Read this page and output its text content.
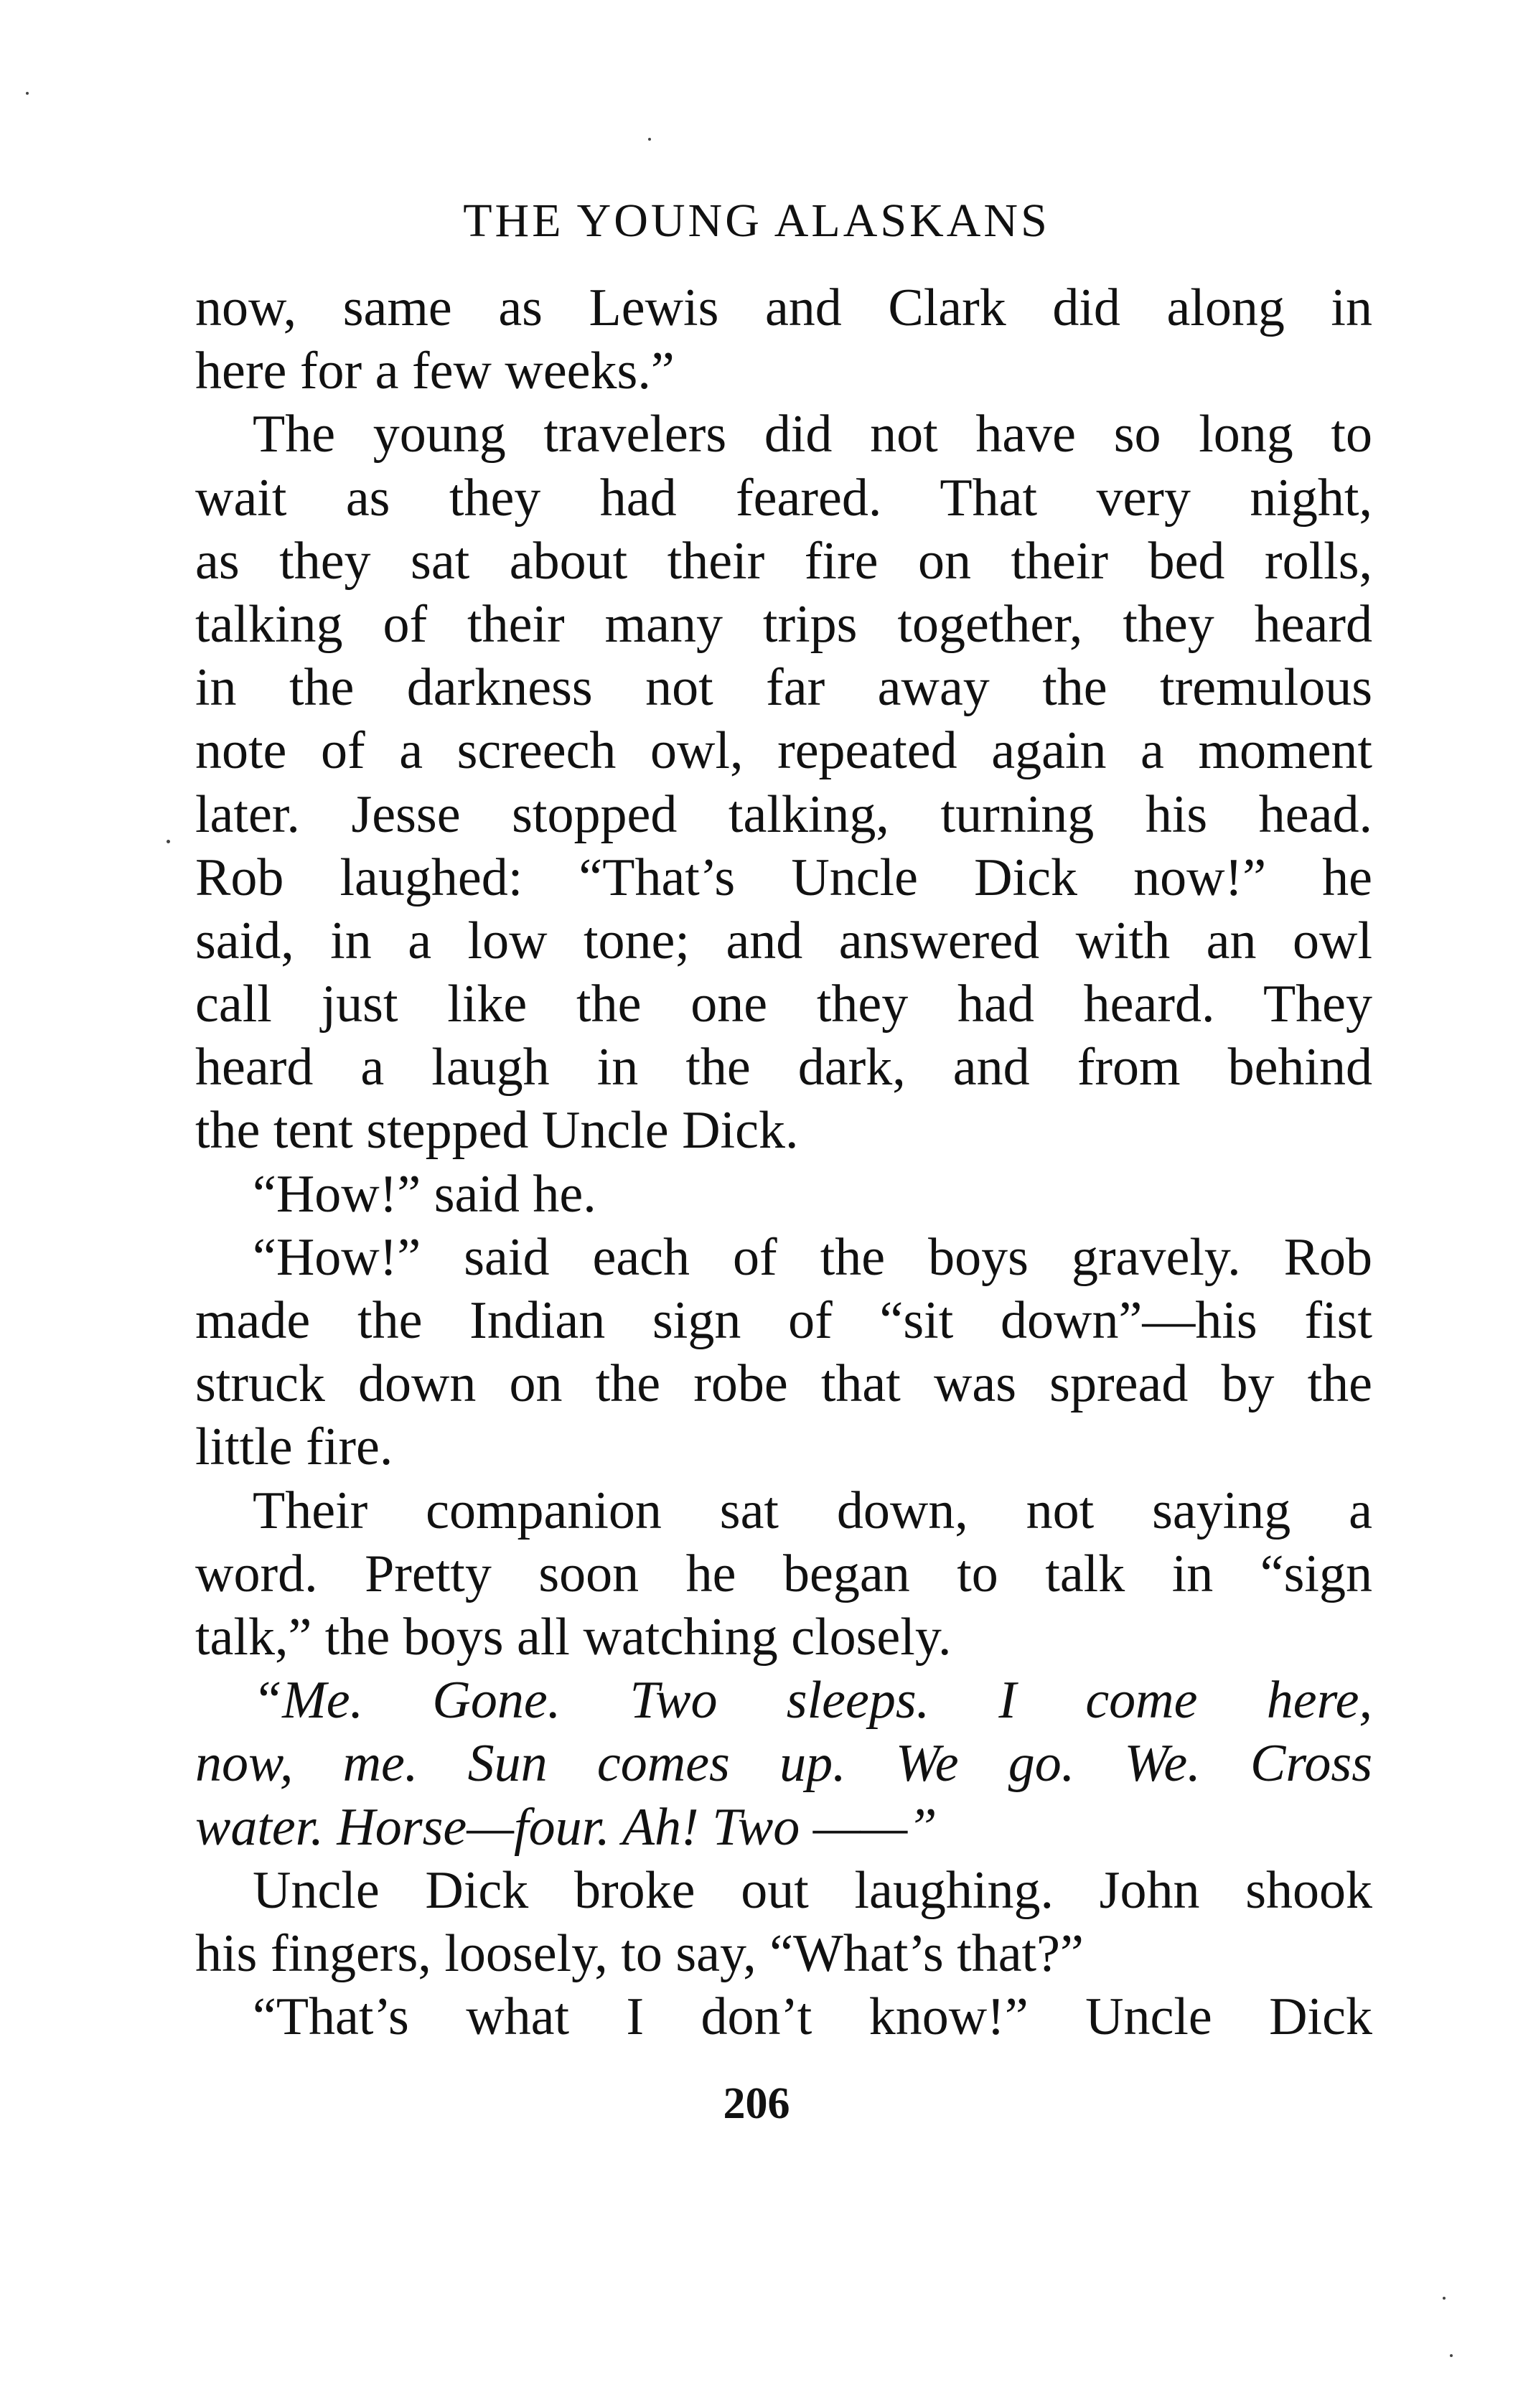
THE YOUNG ALASKANS
now, same as Lewis and Clark did along in
here for a few weeks.”
The young travelers did not have so long to
wait as they had feared. That very night,
as they sat about their fire on their bed rolls,
talking of their many trips together, they heard
in the darkness not far away the tremulous
note of a screech owl, repeated again a moment
later. Jesse stopped talking, turning his head.
Rob laughed: “That’s Uncle Dick now!” he
said, in a low tone; and answered with an owl
call just like the one they had heard. They
heard a laugh in the dark, and from behind
the tent stepped Uncle Dick.
“How!” said he.
“How!” said each of the boys gravely. Rob
made the Indian sign of “sit down”—his fist
struck down on the robe that was spread by the
little fire.
Their companion sat down, not saying a
word. Pretty soon he began to talk in “sign
talk,” the boys all watching closely.
“Me. Gone. Two sleeps. I come here,
now, me. Sun comes up. We go. We. Cross
water. Horse—four. Ah! Two ——”
Uncle Dick broke out laughing. John shook
his fingers, loosely, to say, “What’s that?”
“That’s what I don’t know!” Uncle Dick
206
